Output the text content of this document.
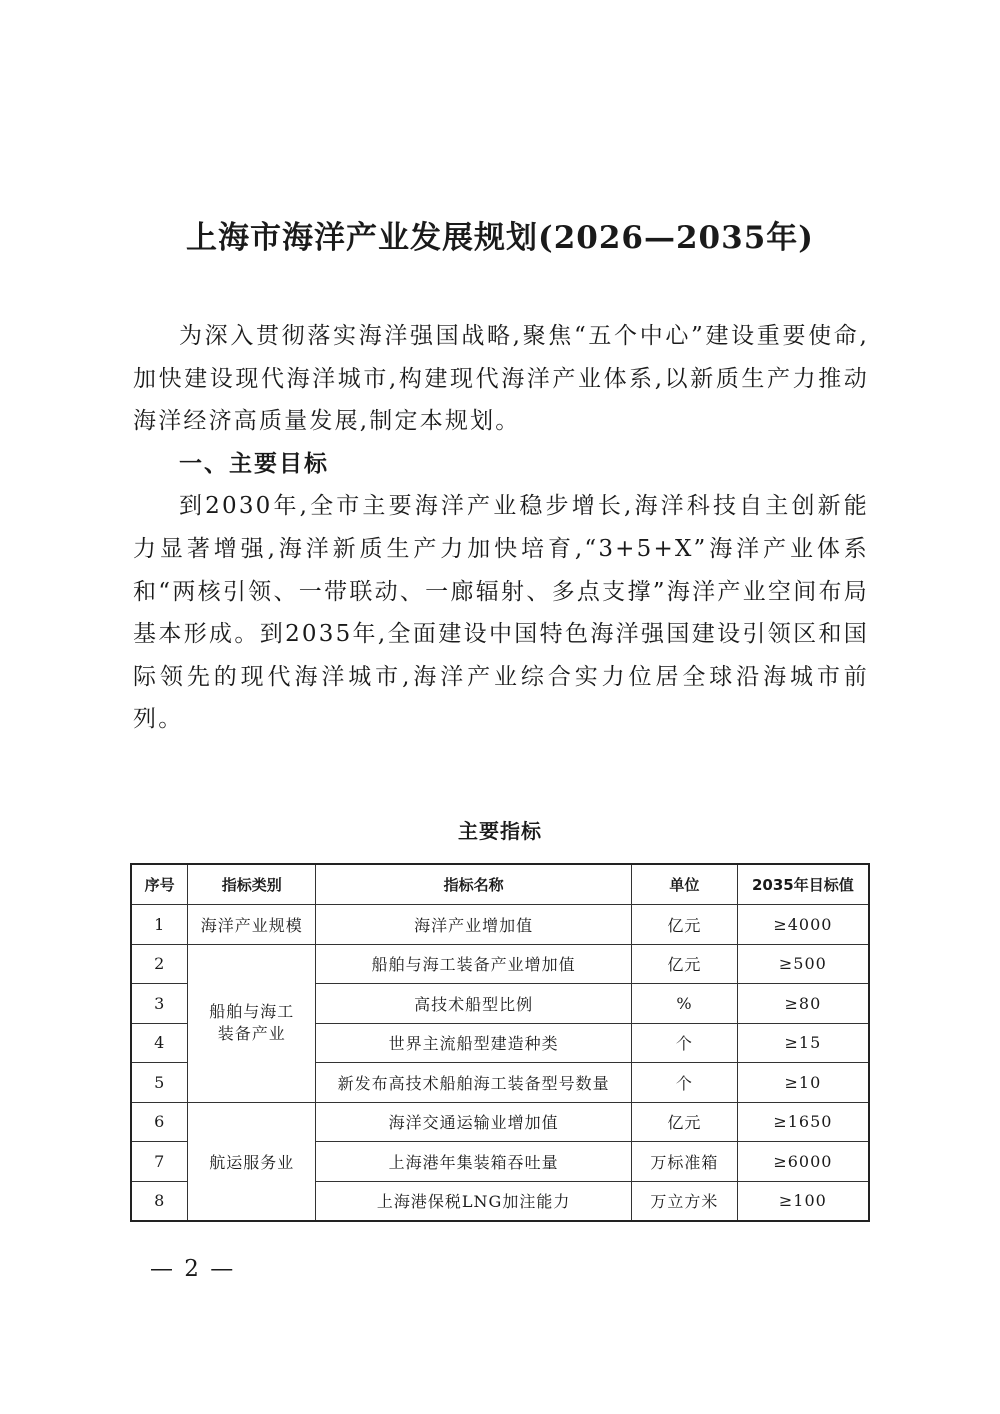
上海市海洋产业发展规划(2026—2035年)

为深入贯彻落实海洋强国战略,聚焦“五个中心”建设重要使命,加快建设现代海洋城市,构建现代海洋产业体系,以新质生产力推动海洋经济高质量发展,制定本规划。

一、主要目标

到2030年,全市主要海洋产业稳步增长,海洋科技自主创新能力显著增强,海洋新质生产力加快培育,“3+5+X”海洋产业体系和“两核引领、一带联动、一廊辐射、多点支撑”海洋产业空间布局基本形成。到2035年,全面建设中国特色海洋强国建设引领区和国际领先的现代海洋城市,海洋产业综合实力位居全球沿海城市前列。

主要指标
序号	指标类别	指标名称	单位	2035年目标值
1	海洋产业规模	海洋产业增加值	亿元	≥4000
2	船舶与海工装备产业	船舶与海工装备产业增加值	亿元	≥500
3		高技术船型比例	%	≥80
4		世界主流船型建造种类	个	≥15
5		新发布高技术船舶海工装备型号数量	个	≥10
6	航运服务业	海洋交通运输业增加值	亿元	≥1650
7		上海港年集装箱吞吐量	万标准箱	≥6000
8		上海港保税LNG加注能力	万立方米	≥100
— 2 —
